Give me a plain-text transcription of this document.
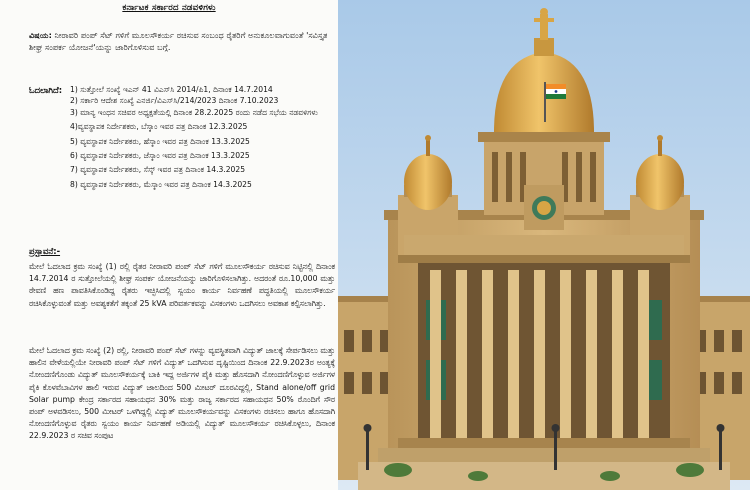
ಕರ್ನಾಟಕ ಸರ್ಕಾರದ ನಡವಳಿಗಳು
ವಿಷಯ: ನೀರಾವರಿ ಪಂಪ್ ಸೆಟ್ ಗಳಿಗೆ ಮೂಲಸೌಕರ್ಯ ರಚಿಸುವ ಸಂಬಂಧ ರೈತರಿಗೆ ಅನುಕೂಲವಾಗುವಂತೆ 'ಸವಿಸ್ತೃತ ಶೀಘ್ರ ಸಂಪರ್ಕ ಯೋಜನೆ'ಯನ್ನು ಜಾರಿಗೊಳಿಸುವ ಬಗ್ಗೆ.
ಓದಲಾಗಿದೆ: 1) ಸುತ್ತೋಲೆ ಸಂಖ್ಯೆ ಇಎನ್ 41 ವಿಎಸ್‌ಸಿ 2014/ಪಿ1, ದಿನಾಂಕ 14.7.2014
2) ಸರ್ಕಾರಿ ಆದೇಶ ಸಂಖ್ಯೆ ಎನರ್ಜಿ/ವಿಎಸ್‌ಸಿ/214/2023 ದಿನಾಂಕ 7.10.2023
3) ಮಾನ್ಯ ಇಂಧನ ಸಚಿವರ ಅಧ್ಯಕ್ಷತೆಯಲ್ಲಿ ದಿನಾಂಕ 28.2.2025 ರಂದು ನಡೆದ ಸಭೆಯ ನಡವಳಿಗಳು
4)ವ್ಯವಸ್ಥಾಪಕ ನಿರ್ದೇಶಕರು, ಬೆಸ್ಕಾಂ ಇವರ ಪತ್ರ ದಿನಾಂಕ 12.3.2025
5) ವ್ಯವಸ್ಥಾಪಕ ನಿರ್ದೇಶಕರು, ಹೆಸ್ಕಾಂ ಇವರ ಪತ್ರ ದಿನಾಂಕ 13.3.2025
6) ವ್ಯವಸ್ಥಾಪಕ ನಿರ್ದೇಶಕರು, ಜೆಸ್ಕಾಂ ಇವರ ಪತ್ರ ದಿನಾಂಕ 13.3.2025
7) ವ್ಯವಸ್ಥಾಪಕ ನಿರ್ದೇಶಕರು, ಸೆಸ್ಕ್ ಇವರ ಪತ್ರ ದಿನಾಂಕ 14.3.2025
8) ವ್ಯವಸ್ಥಾಪಕ ನಿರ್ದೇಶಕರು, ಮೆಸ್ಕಾಂ ಇವರ ಪತ್ರ ದಿನಾಂಕ 14.3.2025
ಪ್ರಸ್ತಾವನೆ:-

ಮೇಲೆ ಓದಲಾದ ಕ್ರಮ ಸಂಖ್ಯೆ (1) ರಲ್ಲಿ ರೈತರ ನೀರಾವರಿ ಪಂಪ್ ಸೆಟ್ ಗಳಿಗೆ ಮೂಲಸೌಕರ್ಯ ರಚಿಸುವ ನಿಟ್ಟಿನಲ್ಲಿ ದಿನಾಂಕ 14.7.2014 ರ ಸುತ್ತೋಲೆಯಲ್ಲಿ ಶೀಘ್ರ ಸಂಪರ್ಕ ಯೋಜನೆಯನ್ನು ಜಾರಿಗೊಳಿಸಲಾಗಿತ್ತು. ಅದರಂತೆ ರೂ.10,000 ಮತ್ತು ಠೇವಣಿ ಹಣ ಪಾವತಿಸಿಕೊಂಡಿದ್ದ ರೈತರು ಇಚ್ಛಿಸಿದಲ್ಲಿ ಸ್ವಯಂ ಕಾರ್ಯ ನಿರ್ವಹಣೆ ಪದ್ಧತಿಯಲ್ಲಿ ಮೂಲಸೌಕರ್ಯ ರಚಿಸಿಕೊಳ್ಳುವಂತೆ ಮತ್ತು ಅವಶ್ಯಕತೆಗೆ ತಕ್ಕಂತೆ 25 kVA ಪರಿವರ್ತಕವನ್ನು ವಿಸಕಂಗಳು ಒದಗಿಸಲು ಅವಕಾಶ ಕಲ್ಪಿಸಲಾಗಿತ್ತು.

ಮೇಲೆ ಓದಲಾದ ಕ್ರಮ ಸಂಖ್ಯೆ (2) ರಲ್ಲಿ, ನೀರಾವರಿ ಪಂಪ್ ಸೆಟ್ ಗಳನ್ನು ವ್ಯವಸ್ಥಿತವಾಗಿ ವಿದ್ಯುತ್ ಜಾಲಕ್ಕೆ ಸೇರ್ಪಡಿಸಲು ಮತ್ತು ಹಾಲಿನ ವೇಳೆಯಲ್ಲಿಯೇ ನೀರಾವರಿ ಪಂಪ್ ಸೆಟ್ ಗಳಿಗೆ ವಿದ್ಯುತ್ ಒದಗಿಸುವ ದೃಷ್ಟಿಯಿಂದ ದಿನಾಂಕ 22.9.2023ರ ಅಂತ್ಯಕ್ಕೆ ನೋಂದಣಿಗೊಂಡು ವಿದ್ಯುತ್ ಮೂಲಸೌಕರ್ಯಕ್ಕೆ ಬಾಕಿ ಇದ್ದ ಅರ್ಜಿಗಳ ಪೈಕಿ ಮತ್ತು ಹೊಸದಾಗಿ ನೋಂದಣಿಗೊಳ್ಳುವ ಅರ್ಜಿಗಳ ಪೈಕಿ ಕೊಳವೆಬಾವಿಗಳ ಹಾಲಿ ಇರುವ ವಿದ್ಯುತ್ ಜಾಲದಿಂದ 500 ಮೀಟರ್ ದೂರವಿದ್ದಲ್ಲಿ, Stand alone/off grid Solar pump ಕೇಂದ್ರ ಸರ್ಕಾರದ ಸಹಾಯಧನ 30% ಮತ್ತು ರಾಜ್ಯ ಸರ್ಕಾರದ ಸಹಾಯಧನ 50% ರೊಂದಿಗೆ ಸೌರ ಪಂಪ್ ಅಳವಡಿಸಲು, 500 ಮೀಟರ್ ಒಳಗಿದ್ದಲ್ಲಿ ವಿದ್ಯುತ್ ಮೂಲಸೌಕರ್ಯವನ್ನು ವಿಸಕಂಗಳು ರಚಿಸಲು ಹಾಗೂ ಹೊಸದಾಗಿ ನೋಂದಣಿಗೊಳ್ಳುವ ರೈತರು ಸ್ವಯಂ ಕಾರ್ಯ ನಿರ್ವಹಣೆ ಅಡಿಯಲ್ಲಿ ವಿದ್ಯುತ್ ಮೂಲಸೌಕರ್ಯ ರಚಿಸಿಕೊಳ್ಳಲು, ದಿನಾಂಕ 22.9.2023 ರ ಸಚಿವ ಸಂಪುಟ
